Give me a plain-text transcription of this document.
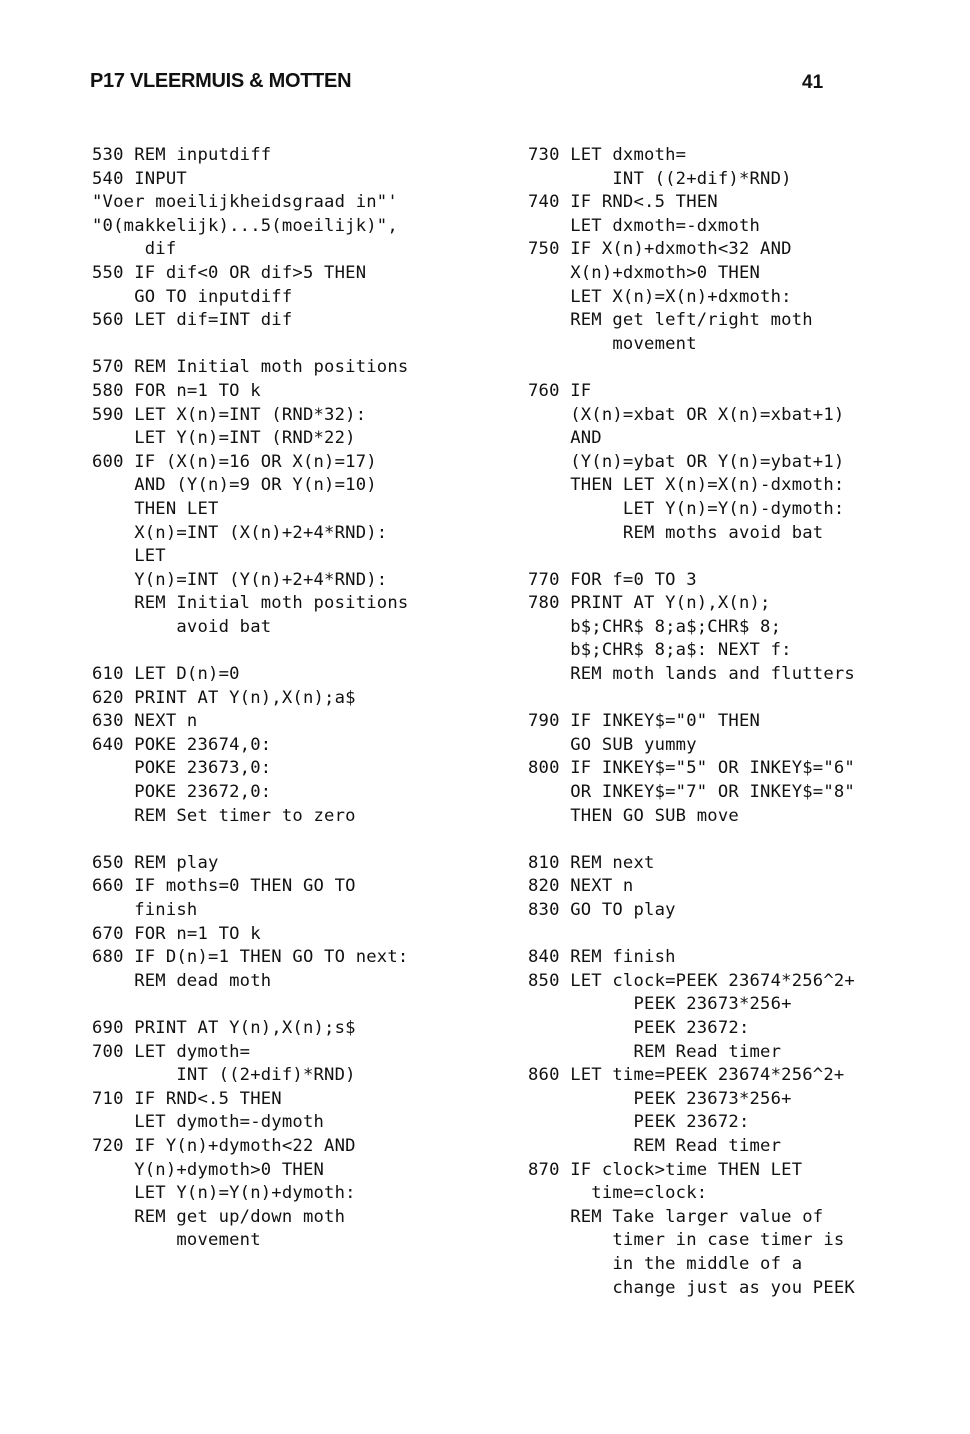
P17 VLEERMUIS & MOTTEN	41
530 REM inputdiff
540 INPUT
"Voer moeilijkheidsgraad in"'
"0(makkelijk)...5(moeilijk)",
dif
550 IF dif<0 OR dif>5 THEN
GO TO inputdiff
560 LET dif=INT dif
570 REM Initial moth positions
580 FOR n=1 TO k
590 LET X(n)=INT (RND*32):
LET Y(n)=INT (RND*22)
600 IF (X(n)=16 OR X(n)=17)
AND (Y(n)=9 OR Y(n)=10)
THEN LET
X(n)=INT (X(n)+2+4*RND):
LET
Y(n)=INT (Y(n)+2+4*RND):
REM Initial moth positions
avoid bat
610 LET D(n)=0
620 PRINT AT Y(n),X(n);a$
630 NEXT n
640 POKE 23674,0:
POKE 23673,0:
POKE 23672,0:
REM Set timer to zero
650 REM play
660 IF moths=0 THEN GO TO
finish
670 FOR n=1 TO k
680 IF D(n)=1 THEN GO TO next:
REM dead moth
690 PRINT AT Y(n),X(n);s$
700 LET dymoth=
INT ((2+dif)*RND)
710 IF RND<.5 THEN
LET dymoth=-dymoth
720 IF Y(n)+dymoth<22 AND
Y(n)+dymoth>0 THEN
LET Y(n)=Y(n)+dymoth:
REM get up/down moth
movement
730 LET dxmoth=
INT ((2+dif)*RND)
740 IF RND<.5 THEN
LET dxmoth=-dxmoth
750 IF X(n)+dxmoth<32 AND
X(n)+dxmoth>0 THEN
LET X(n)=X(n)+dxmoth:
REM get left/right moth
movement
760 IF
(X(n)=xbat OR X(n)=xbat+1)
AND
(Y(n)=ybat OR Y(n)=ybat+1)
THEN LET X(n)=X(n)-dxmoth:
LET Y(n)=Y(n)-dymoth:
REM moths avoid bat
770 FOR f=0 TO 3
780 PRINT AT Y(n),X(n);
b$;CHR$ 8;a$;CHR$ 8;
b$;CHR$ 8;a$: NEXT f:
REM moth lands and flutters
790 IF INKEY$="0" THEN
GO SUB yummy
800 IF INKEY$="5" OR INKEY$="6"
OR INKEY$="7" OR INKEY$="8"
THEN GO SUB move
810 REM next
820 NEXT n
830 GO TO play
840 REM finish
850 LET clock=PEEK 23674*256^2+
PEEK 23673*256+
PEEK 23672:
REM Read timer
860 LET time=PEEK 23674*256^2+
PEEK 23673*256+
PEEK 23672:
REM Read timer
870 IF clock>time THEN LET
time=clock:
REM Take larger value of
timer in case timer is
in the middle of a
change just as you PEEK
